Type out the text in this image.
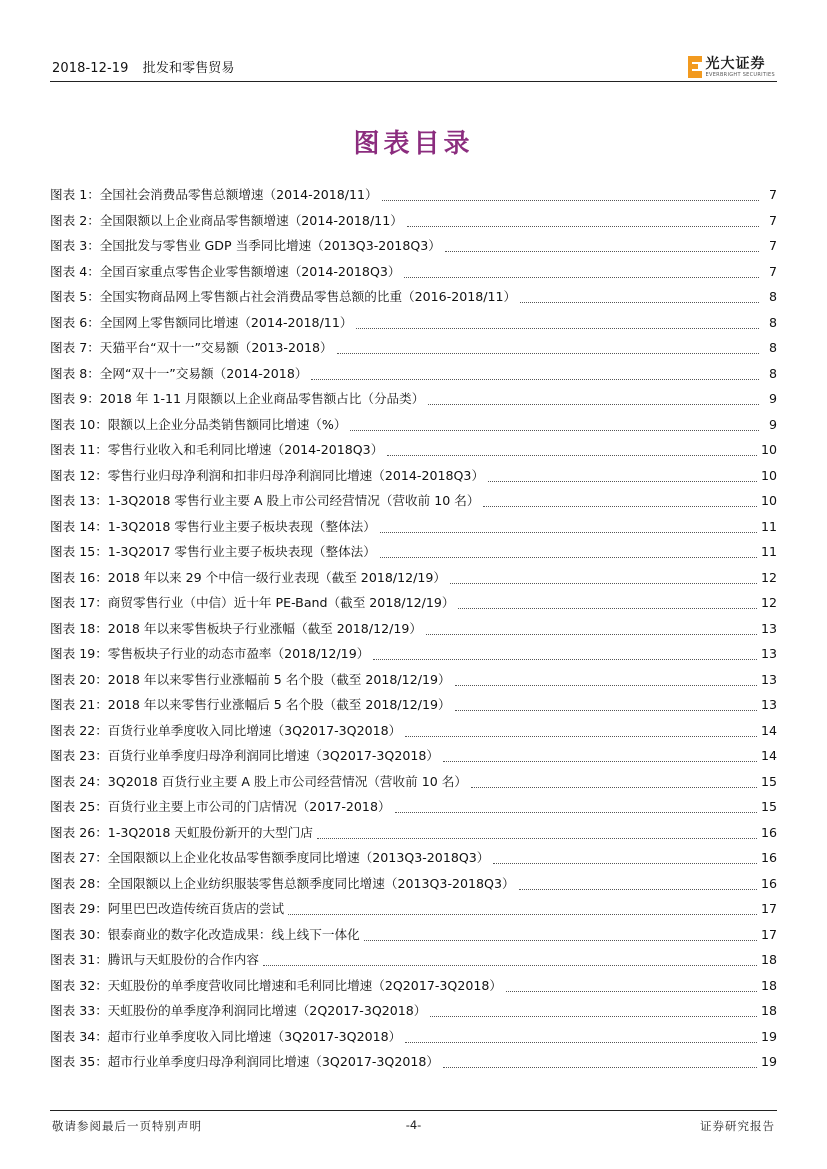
2018-12-19 批发和零售贸易	光大证券
EVERBRIGHT SECURITIES
图表目录
图表 1：全国社会消费品零售总额增速（2014-2018/11）	7
图表 2：全国限额以上企业商品零售额增速（2014-2018/11）	7
图表 3：全国批发与零售业 GDP 当季同比增速（2013Q3-2018Q3）	7
图表 4：全国百家重点零售企业零售额增速（2014-2018Q3）	7
图表 5：全国实物商品网上零售额占社会消费品零售总额的比重（2016-2018/11）	8
图表 6：全国网上零售额同比增速（2014-2018/11）	8
图表 7：天猫平台“双十一”交易额（2013-2018）	8
图表 8：全网“双十一”交易额（2014-2018）	8
图表 9：2018 年 1-11 月限额以上企业商品零售额占比（分品类）	9
图表 10：限额以上企业分品类销售额同比增速（%）	9
图表 11：零售行业收入和毛利同比增速（2014-2018Q3）	10
图表 12：零售行业归母净利润和扣非归母净利润同比增速（2014-2018Q3）	10
图表 13：1-3Q2018 零售行业主要 A 股上市公司经营情况（营收前 10 名）	10
图表 14：1-3Q2018 零售行业主要子板块表现（整体法）	11
图表 15：1-3Q2017 零售行业主要子板块表现（整体法）	11
图表 16：2018 年以来 29 个中信一级行业表现（截至 2018/12/19）	12
图表 17：商贸零售行业（中信）近十年 PE-Band（截至 2018/12/19）	12
图表 18：2018 年以来零售板块子行业涨幅（截至 2018/12/19）	13
图表 19：零售板块子行业的动态市盈率（2018/12/19）	13
图表 20：2018 年以来零售行业涨幅前 5 名个股（截至 2018/12/19）	13
图表 21：2018 年以来零售行业涨幅后 5 名个股（截至 2018/12/19）	13
图表 22：百货行业单季度收入同比增速（3Q2017-3Q2018）	14
图表 23：百货行业单季度归母净利润同比增速（3Q2017-3Q2018）	14
图表 24：3Q2018 百货行业主要 A 股上市公司经营情况（营收前 10 名）	15
图表 25：百货行业主要上市公司的门店情况（2017-2018）	15
图表 26：1-3Q2018 天虹股份新开的大型门店	16
图表 27：全国限额以上企业化妆品零售额季度同比增速（2013Q3-2018Q3）	16
图表 28：全国限额以上企业纺织服装零售总额季度同比增速（2013Q3-2018Q3）	16
图表 29：阿里巴巴改造传统百货店的尝试	17
图表 30：银泰商业的数字化改造成果：线上线下一体化	17
图表 31：腾讯与天虹股份的合作内容	18
图表 32：天虹股份的单季度营收同比增速和毛利同比增速（2Q2017-3Q2018）	18
图表 33：天虹股份的单季度净利润同比增速（2Q2017-3Q2018）	18
图表 34：超市行业单季度收入同比增速（3Q2017-3Q2018）	19
图表 35：超市行业单季度归母净利润同比增速（3Q2017-3Q2018）	19
敬请参阅最后一页特别声明	-4-	证券研究报告
